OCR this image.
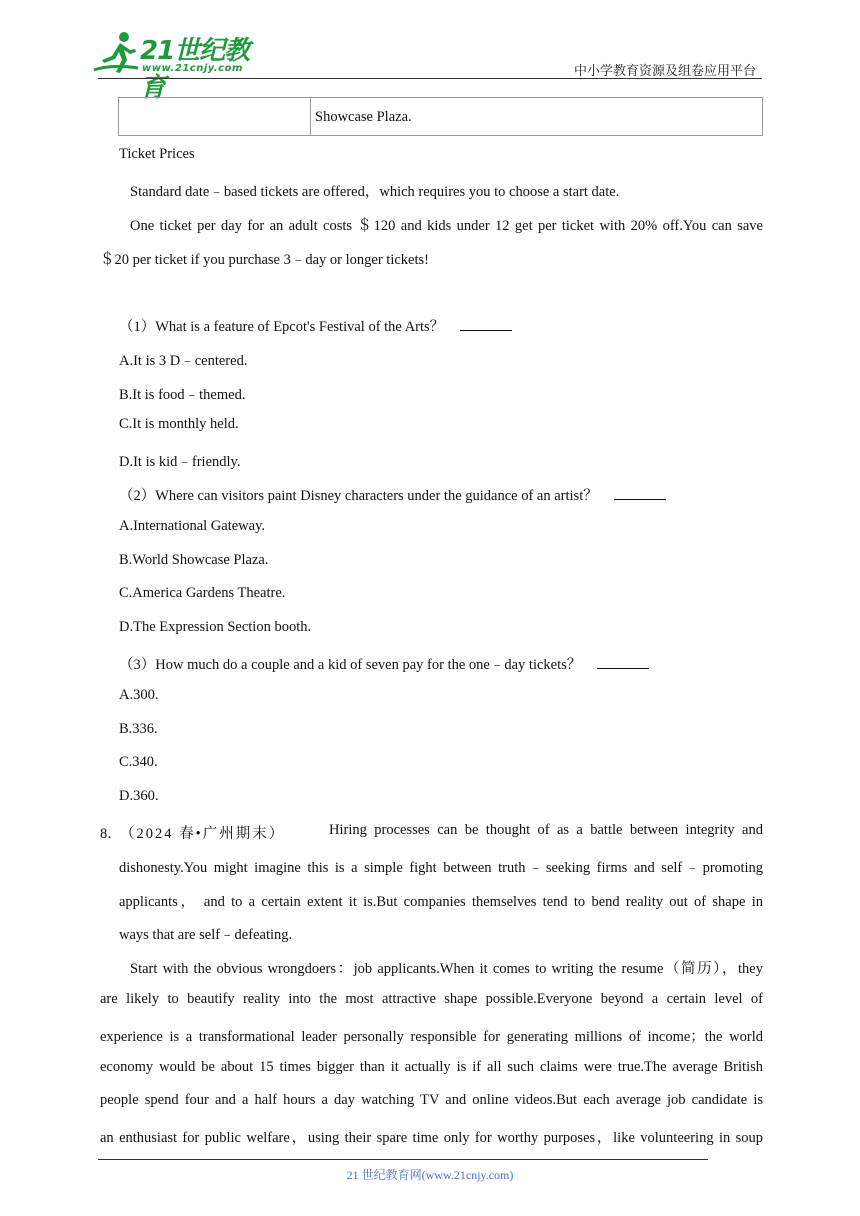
21世纪教育
www.21cnjy.com	中小学教育资源及组卷应用平台
Showcase Plaza.
Ticket Prices
Standard date﹣based tickets are offered，which requires you to choose a start date.
One ticket per day for an adult costs ＄120 and kids under 12 get per ticket with 20% off.You can save
＄20 per ticket if you purchase 3﹣day or longer tickets!
（1）What is a feature of Epcot's Festival of the Arts？
A.It is 3 D﹣centered.
B.It is food﹣themed.
C.It is monthly held.
D.It is kid﹣friendly.
（2）Where can visitors paint Disney characters under the guidance of an artist？
A.International Gateway.
B.World Showcase Plaza.
C.America Gardens Theatre.
D.The Expression Section booth.
（3）How much do a couple and a kid of seven pay for the one﹣day tickets？
A.300.
B.336.
C.340.
D.360.
8．
（2024 春•广州期末）	Hiring processes can be thought of as a battle between integrity and
dishonesty.You might imagine this is a simple fight between truth﹣seeking firms and self﹣promoting
applicants， and to a certain extent it is.But companies themselves tend to bend reality out of shape in
ways that are self﹣defeating.
Start with the obvious wrongdoers：job applicants.When it comes to writing the resume（简历），they
are likely to beautify reality into the most attractive shape possible.Everyone beyond a certain level of
experience is a transformational leader personally responsible for generating millions of income；the world
economy would be about 15 times bigger than it actually is if all such claims were true.The average British
people spend four and a half hours a day watching TV and online videos.But each average job candidate is
an enthusiast for public welfare，using their spare time only for worthy purposes，like volunteering in soup
21 世纪教育网(www.21cnjy.com)
